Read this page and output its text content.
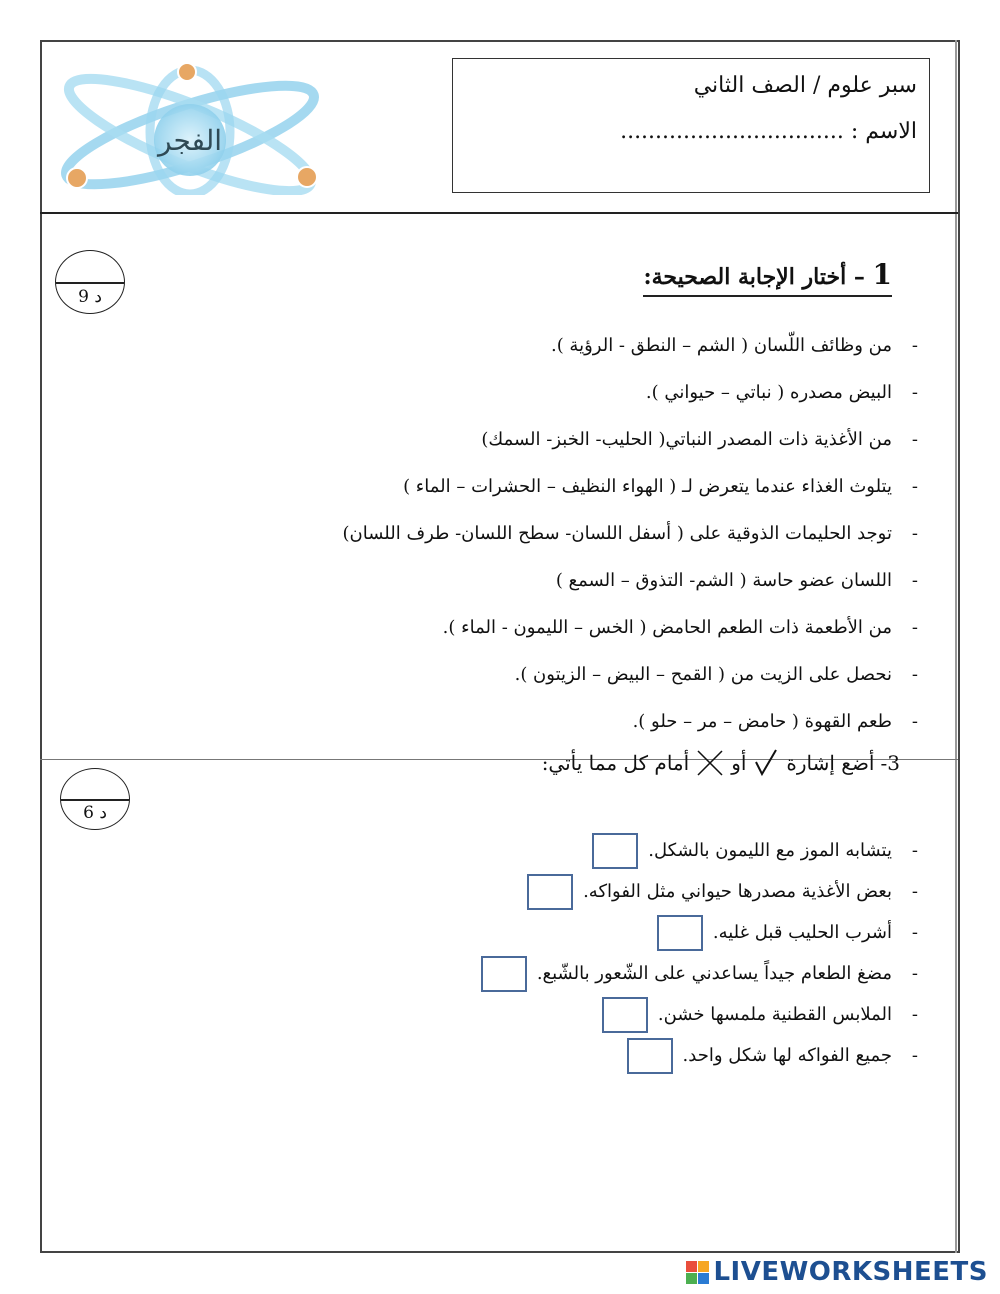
سبر علوم / الصف الثاني
الاسم : ................................
الفجر
9 د
1 – أختار الإجابة الصحيحة:
-
من وظائف اللّسان ( الشم – النطق - الرؤية ).
-
البيض مصدره ( نباتي – حيواني ).
-
من الأغذية ذات المصدر النباتي( الحليب- الخبز- السمك)
-
يتلوث الغذاء عندما يتعرض لـ ( الهواء النظيف – الحشرات – الماء )
-
توجد الحليمات الذوقية على ( أسفل اللسان- سطح اللسان- طرف اللسان)
-
اللسان عضو حاسة ( الشم- التذوق – السمع )
-
من الأطعمة ذات الطعم الحامض ( الخس – الليمون - الماء ).
-
نحصل على الزيت من ( القمح – البيض – الزيتون ).
-
طعم القهوة ( حامض – مر – حلو ).
6 د
3-
أضع إشارة
أو
أمام كل مما يأتي:
-
يتشابه الموز مع الليمون بالشكل.
-
بعض الأغذية مصدرها حيواني مثل الفواكه.
-
أشرب الحليب قبل غليه.
-
مضغ الطعام جيداً يساعدني على الشّعور بالشّبع.
-
الملابس القطنية ملمسها خشن.
-
جميع الفواكه لها شكل واحد.
LIVEWORKSHEETS
